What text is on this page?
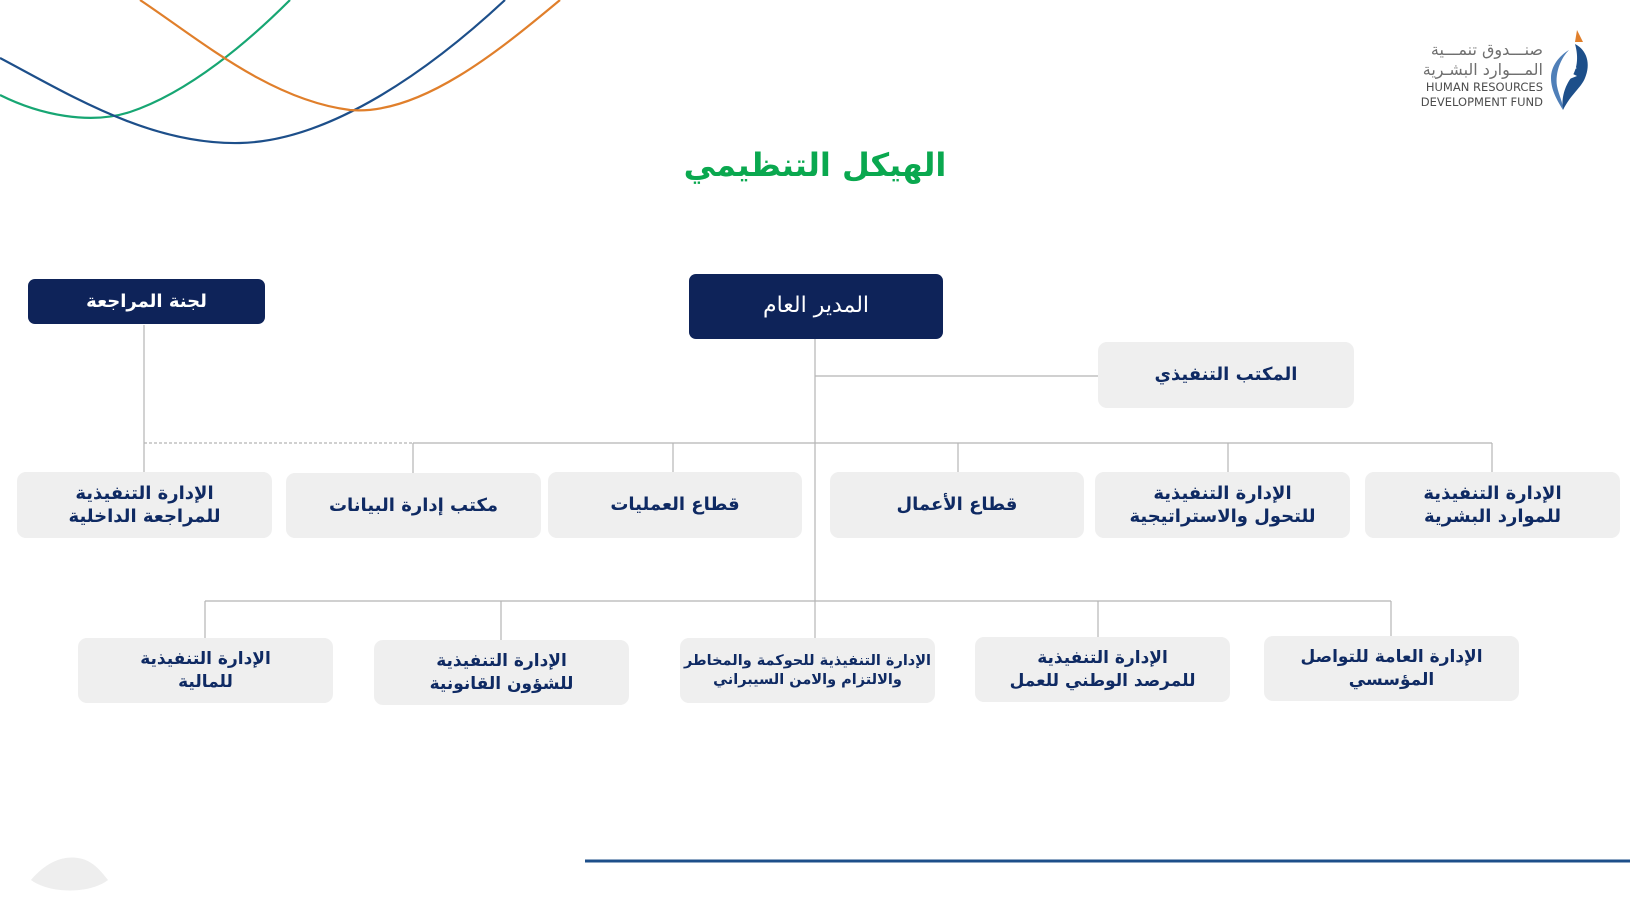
صنـــدوق تنمـــية
المـــوارد البشـرية
HUMAN RESOURCES
DEVELOPMENT FUND
الهيكل التنظيمي
المدير العام
لجنة المراجعة
المكتب التنفيذي
الإدارة التنفيذية
للموارد البشرية
الإدارة التنفيذية
للتحول والاستراتيجية
قطاع الأعمال
قطاع العمليات
مكتب إدارة البيانات
الإدارة التنفيذية
للمراجعة الداخلية
الإدارة العامة للتواصل
المؤسسي
الإدارة التنفيذية
للمرصد الوطني للعمل
الإدارة التنفيذية للحوكمة والمخاطر
والالتزام والامن السيبراني
الإدارة التنفيذية
للشؤون القانونية
الإدارة التنفيذية
للمالية
